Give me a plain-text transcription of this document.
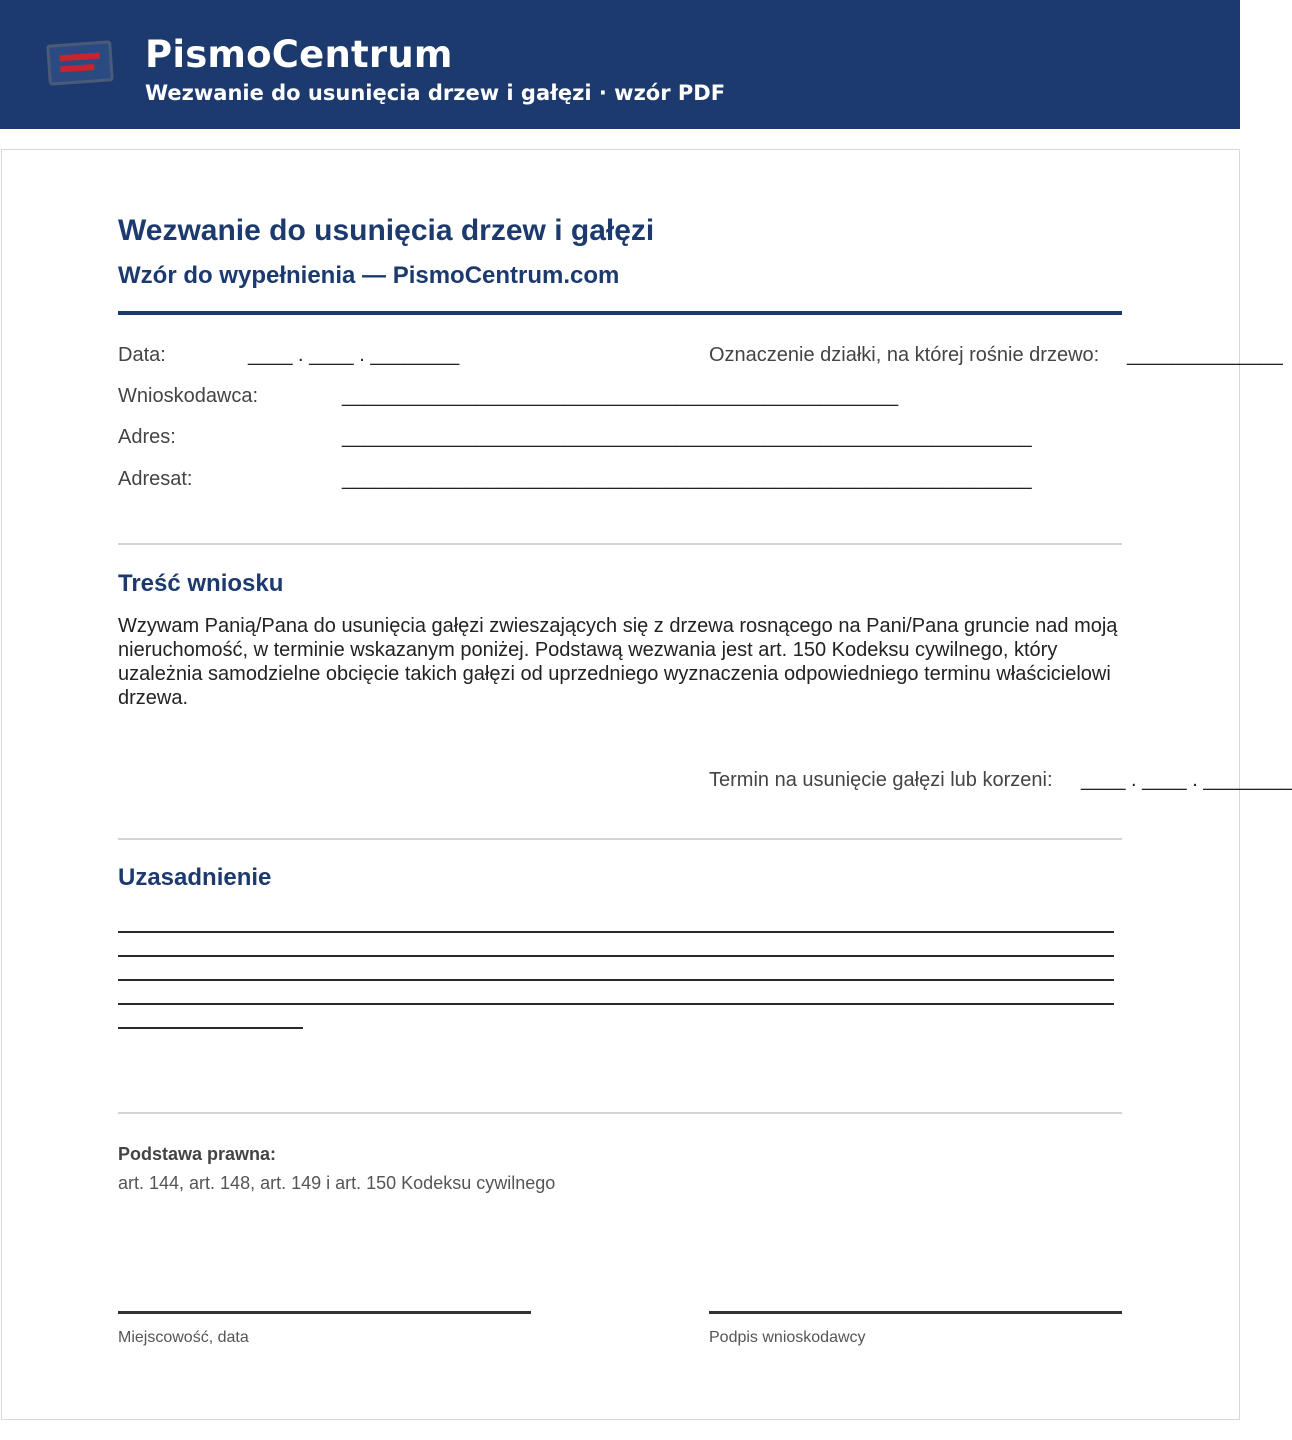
PismoCentrum
Wezwanie do usunięcia drzew i gałęzi · wzór PDF
Wezwanie do usunięcia drzew i gałęzi
Wzór do wypełnienia — PismoCentrum.com
Data:	____ . ____ . ________	Oznaczenie działki, na której rośnie drzewo: ______________
Wnioskodawca:	__________________________________________________
Adres:	______________________________________________________________
Adresat:	______________________________________________________________
Treść wniosku
Wzywam Panią/Pana do usunięcia gałęzi zwieszających się z drzewa rosnącego na Pani/Pana gruncie nad moją nieruchomość, w terminie wskazanym poniżej. Podstawą wezwania jest art. 150 Kodeksu cywilnego, który uzależnia samodzielne obcięcie takich gałęzi od uprzedniego wyznaczenia odpowiedniego terminu właścicielowi drzewa.
Termin na usunięcie gałęzi lub korzeni: ____ . ____ . ________
Uzasadnienie
Podstawa prawna:
art. 144, art. 148, art. 149 i art. 150 Kodeksu cywilnego
Miejscowość, data	Podpis wnioskodawcy
